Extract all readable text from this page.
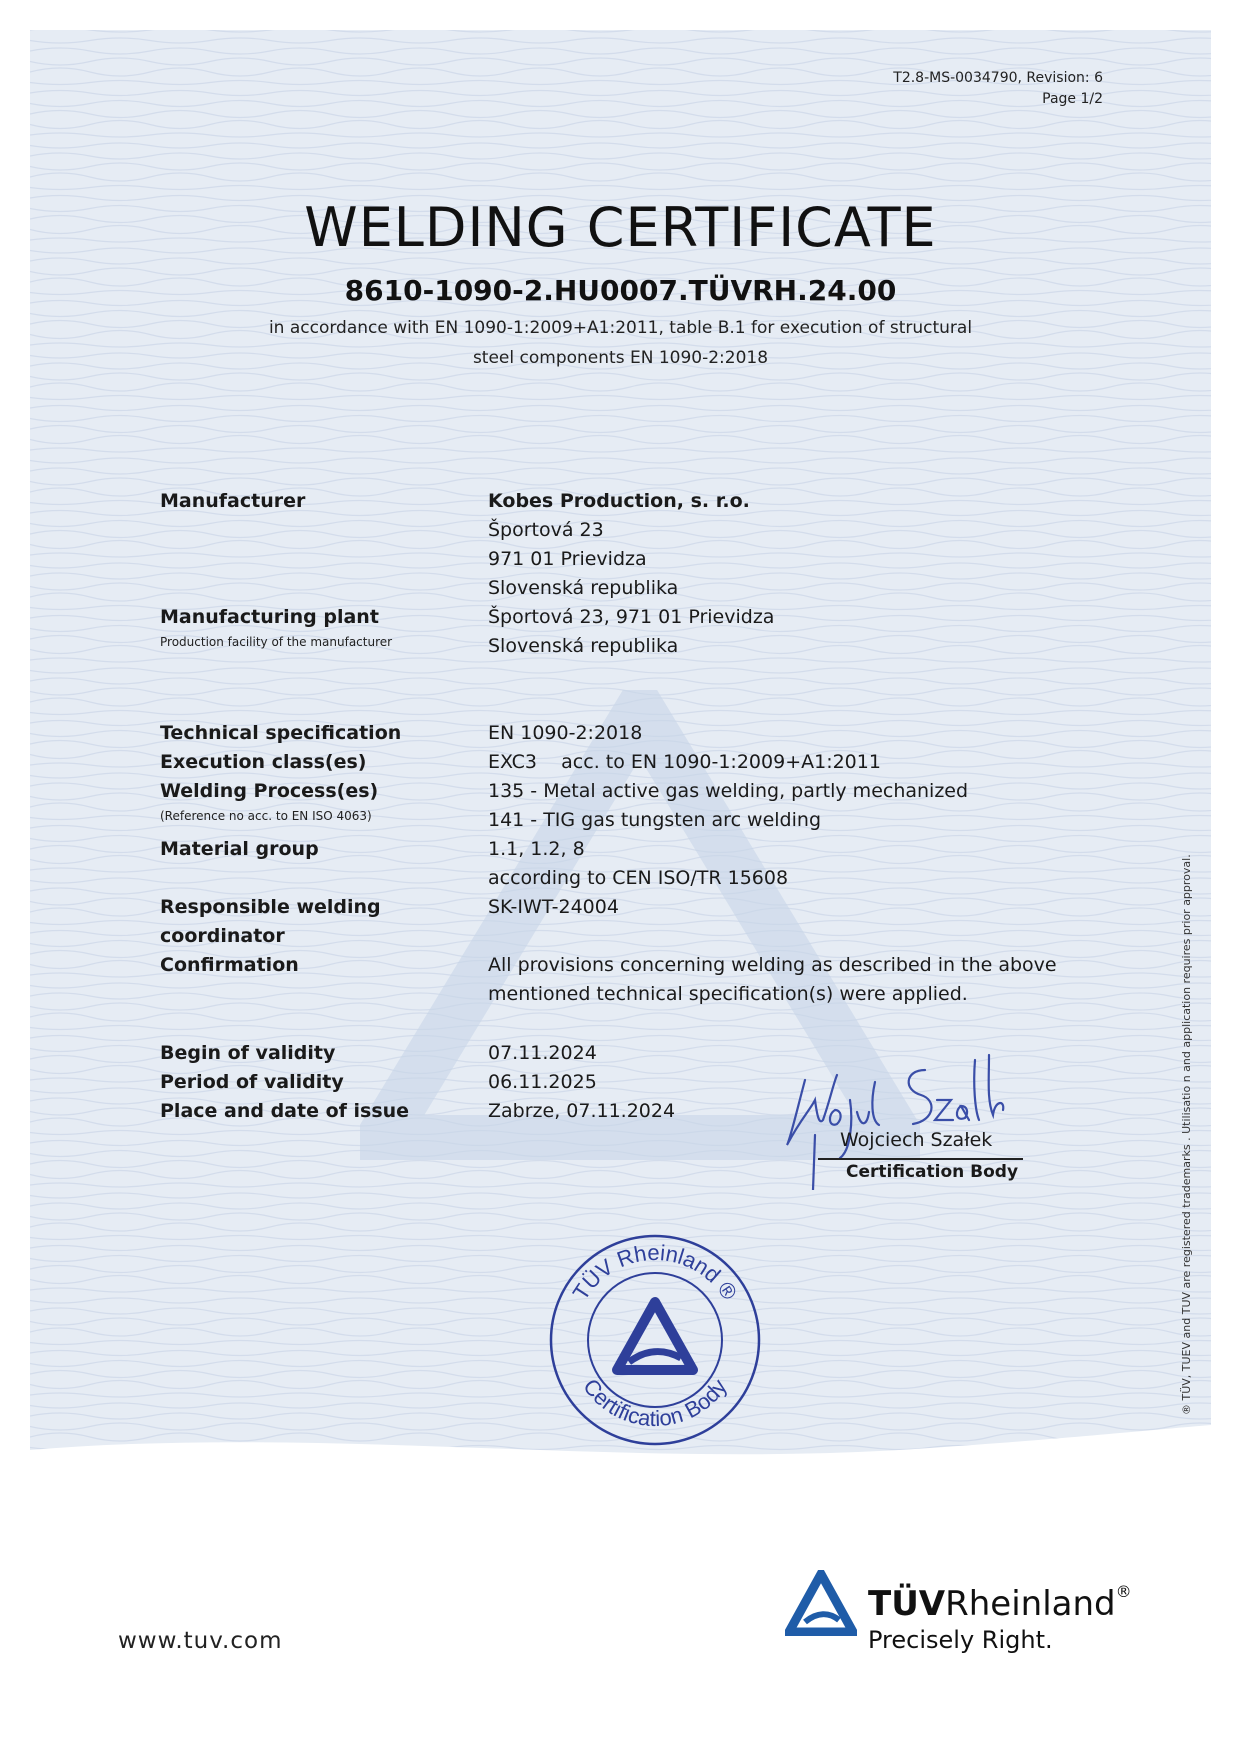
T2.8-MS-0034790, Revision: 6
Page 1/2
WELDING CERTIFICATE
8610-1090-2.HU0007.TÜVRH.24.00
in accordance with EN 1090-1:2009+A1:2011, table B.1 for execution of structural
steel components EN 1090-2:2018
Manufacturer
Manufacturing plant
Production facility of the manufacturer
Technical specification
Execution class(es)
Welding Process(es)
(Reference no acc. to EN ISO 4063)
Material group
Responsible welding
coordinator
Confirmation
Begin of validity
Period of validity
Place and date of issue
Kobes Production, s. r.o.
Športová 23
971 01 Prievidza
Slovenská republika
Športová 23, 971 01 Prievidza
Slovenská republika
EN 1090-2:2018
EXC3    acc. to EN 1090-1:2009+A1:2011
135 - Metal active gas welding, partly mechanized
141 - TIG gas tungsten arc welding
1.1, 1.2, 8
according to CEN ISO/TR 15608
SK-IWT-24004
All provisions concerning welding as described in the above
mentioned technical specification(s) were applied.
07.11.2024
06.11.2025
Zabrze, 07.11.2024
Wojciech Szałek
Certification Body
TÜV Rheinland ®
Certification Body	® TÜV, TUEV and TUV are registered trademarks . Utilisatio n and application requires prior approval.
www.tuv.com
TÜVRheinland®
Precisely Right.
